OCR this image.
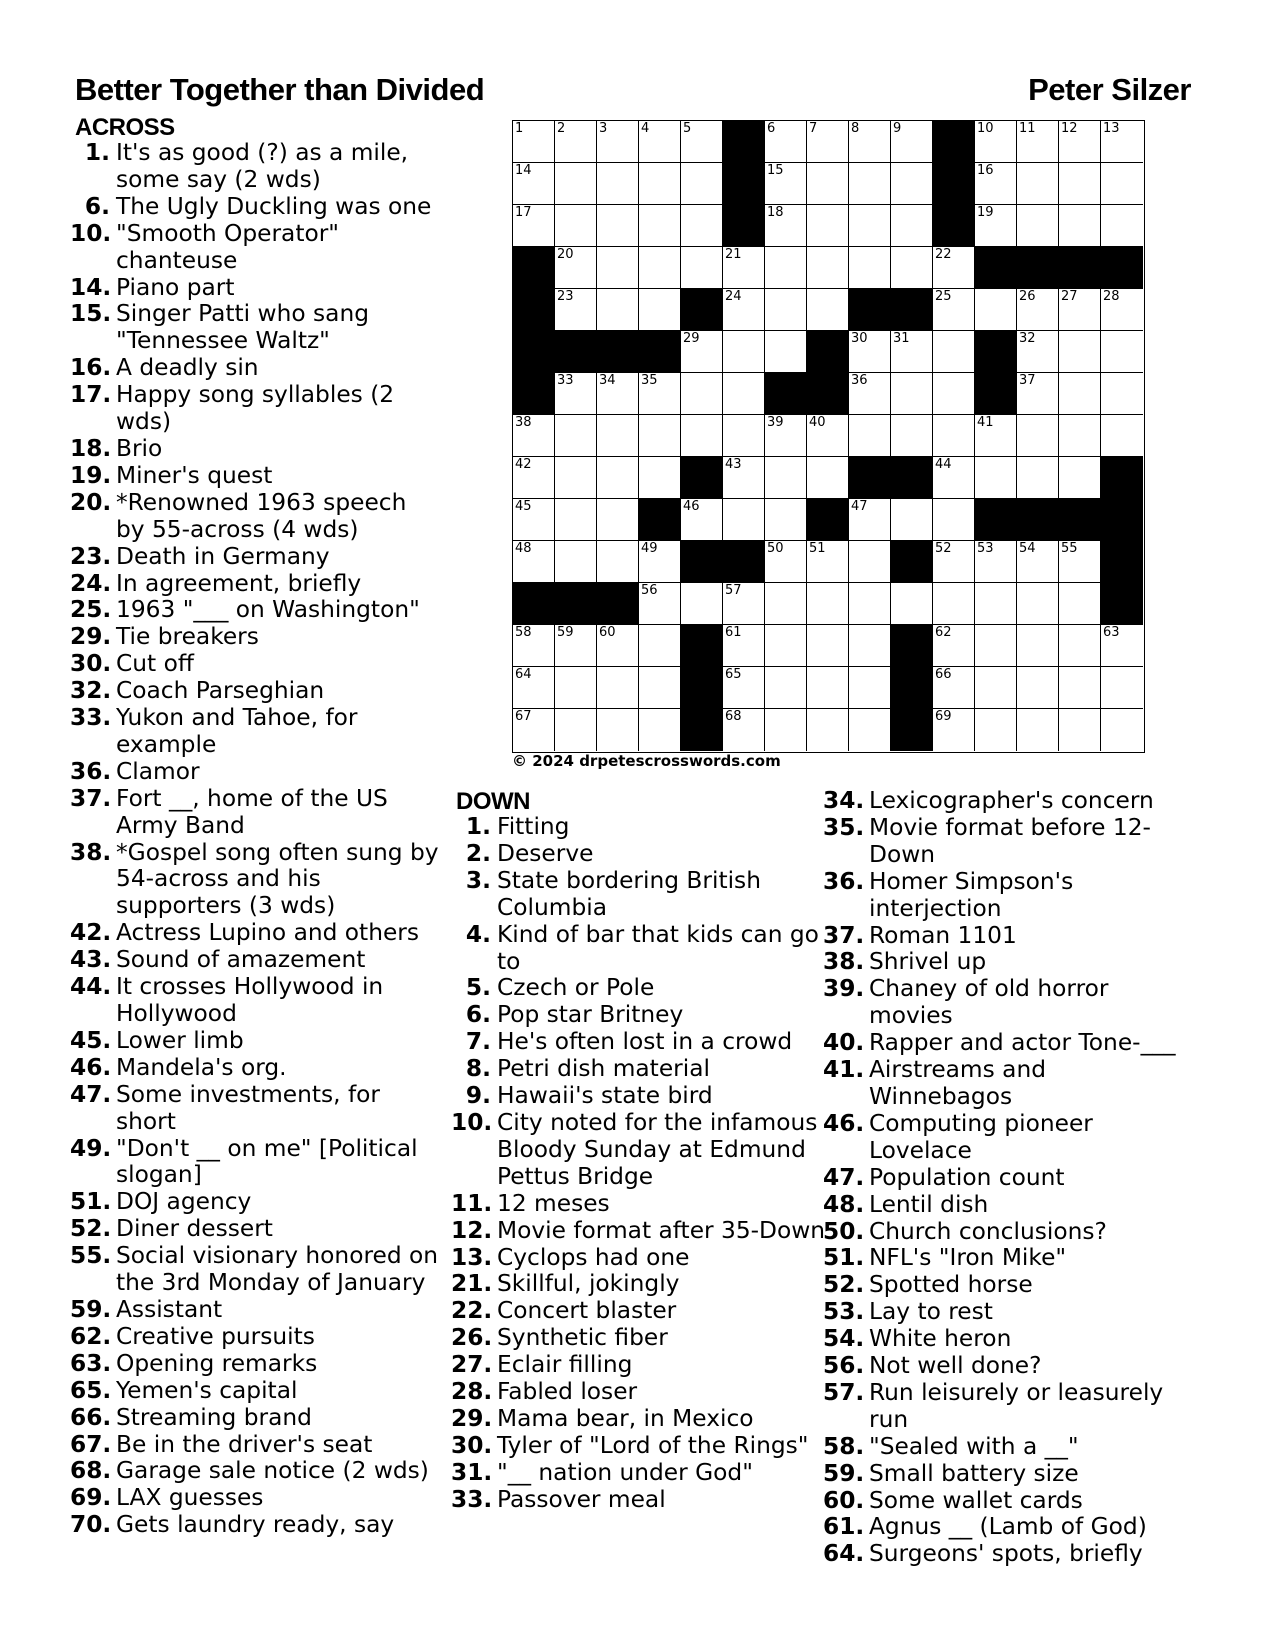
Better Together than Divided	Peter Silzer
ACROSS
1 . It's as good (?) as a mile, some say (2 wds)
6 . The Ugly Duckling was one
10 . "Smooth Operator" chanteuse
14 . Piano part
15 . Singer Patti who sang "Tennessee Waltz"
16 . A deadly sin
17 . Happy song syllables (2 wds)
18 . Brio
19 . Miner's quest
20 . *Renowned 1963 speech by 55-across (4 wds)
23 . Death in Germany
24 . In agreement, briefly
25 . 1963 "___ on Washington"
29 . Tie breakers
30 . Cut off
32 . Coach Parseghian
33 . Yukon and Tahoe, for example
36 . Clamor
37 . Fort __, home of the US Army Band
38 . *Gospel song often sung by 54-across and his supporters (3 wds)
42 . Actress Lupino and others
43 . Sound of amazement
44 . It crosses Hollywood in Hollywood
45 . Lower limb
46 . Mandela's org.
47 . Some investments, for short
49 . "Don't __ on me" [Political slogan]
51 . DOJ agency
52 . Diner dessert
55 . Social visionary honored on the 3rd Monday of January
59 . Assistant
62 . Creative pursuits
63 . Opening remarks
65 . Yemen's capital
66 . Streaming brand
67 . Be in the driver's seat
68 . Garage sale notice (2 wds)
69 . LAX guesses
70 . Gets laundry ready, say
1	2	3	4	5	6	7	8	9	10 11 12 13
14	15	16
17	18	19
20	21	22
23	24	25	26 27 28
29	30 31	32
33 34 35	36	37
38	39 40	41
42	43	44
45	46	47
48	49	50 51	52 53 54 55
56	57
58 59 60	61	62	63
64	65	66
67	68	69
© 2024 drpetescrosswords.com
DOWN
1 . Fitting
2 . Deserve
3 . State bordering British Columbia
4 . Kind of bar that kids can go to
5 . Czech or Pole
6 . Pop star Britney
7 . He's often lost in a crowd
8 . Petri dish material
9 . Hawaii's state bird
10 . City noted for the infamous Bloody Sunday at Edmund Pettus Bridge
11 . 12 meses
12 . Movie format after 35-Down
13 . Cyclops had one
21 . Skillful, jokingly
22 . Concert blaster
26 . Synthetic fiber
27 . Eclair filling
28 . Fabled loser
29 . Mama bear, in Mexico
30 . Tyler of "Lord of the Rings"
31 . "__ nation under God"
33 . Passover meal
34 . Lexicographer's concern
35 . Movie format before 12-Down
36 . Homer Simpson's interjection
37 . Roman 1101
38 . Shrivel up
39 . Chaney of old horror movies
40 . Rapper and actor Tone-___
41 . Airstreams and Winnebagos
46 . Computing pioneer Lovelace
47 . Population count
48 . Lentil dish
50 . Church conclusions?
51 . NFL's "Iron Mike"
52 . Spotted horse
53 . Lay to rest
54 . White heron
56 . Not well done?
57 . Run leisurely or leasurely run
58 . "Sealed with a __"
59 . Small battery size
60 . Some wallet cards
61 . Agnus __ (Lamb of God)
64 . Surgeons' spots, briefly
